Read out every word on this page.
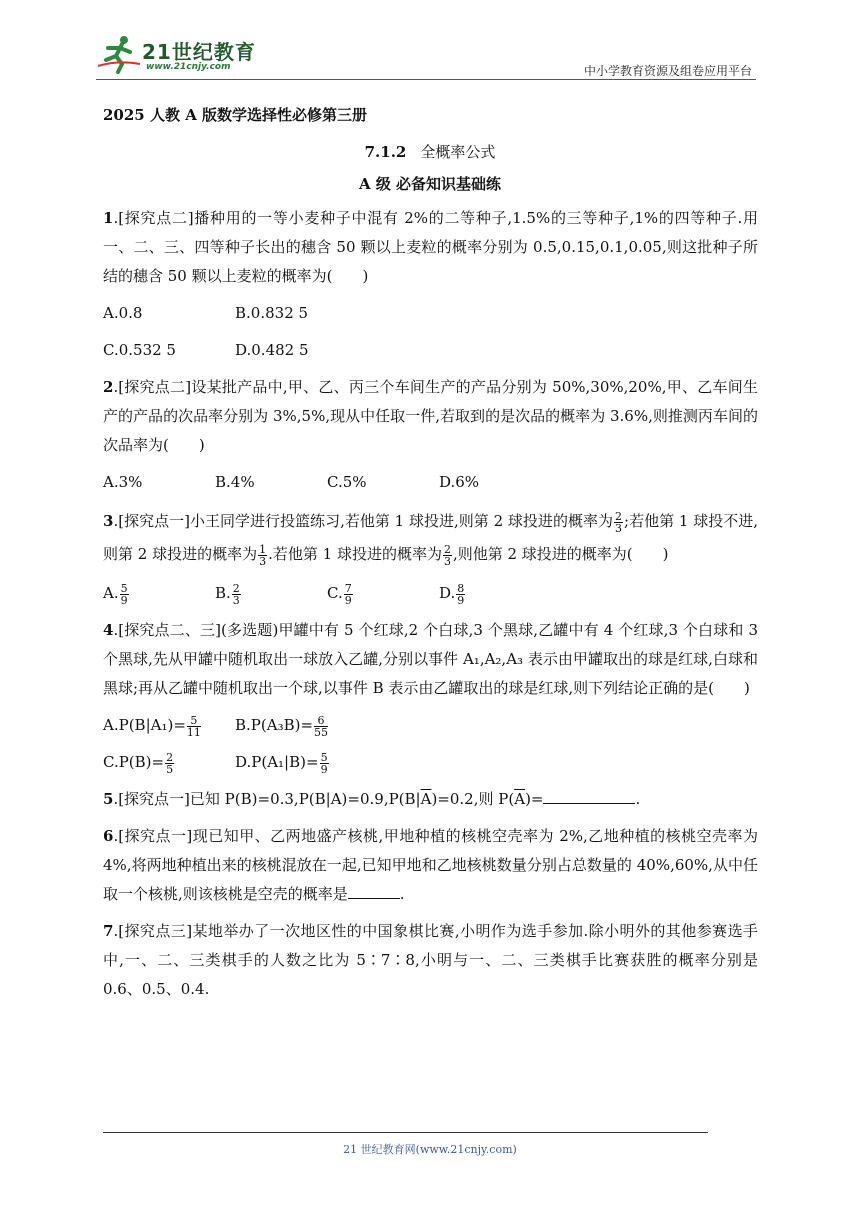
21世纪教育
www.21cnjy.com	中小学教育资源及组卷应用平台
2025 人教 A 版数学选择性必修第三册
7.1.2 全概率公式
A 级 必备知识基础练

1.[探究点二]播种用的一等小麦种子中混有 2%的二等种子,1.5%的三等种子,1%的四等种子.用一、二、三、四等种子长出的穗含 50 颗以上麦粒的概率分别为 0.5,0.15,0.1,0.05,则这批种子所结的穗含 50 颗以上麦粒的概率为(　　)

A.0.8	B.0.832 5
C.0.532 5	D.0.482 5

2.[探究点二]设某批产品中,甲、乙、丙三个车间生产的产品分别为 50%,30%,20%,甲、乙车间生产的产品的次品率分别为 3%,5%,现从中任取一件,若取到的是次品的概率为 3.6%,则推测丙车间的次品率为(　　)

A.3%	B.4%	C.5%	D.6%

3.[探究点一]小王同学进行投篮练习,若他第 1 球投进,则第 2 球投进的概率为 $\frac{2}{3}$ ;若他第 1 球投不进,则第 2 球投进的概率为 $\frac{1}{3}$ .若他第 1 球投进的概率为 $\frac{2}{3}$ ,则他第 2 球投进的概率为(　　)

A. $\frac{5}{9}$	B. $\frac{2}{3}$	C. $\frac{7}{9}$	D. $\frac{8}{9}$

4.[探究点二、三](多选题)甲罐中有 5 个红球,2 个白球,3 个黑球,乙罐中有 4 个红球,3 个白球和 3 个黑球,先从甲罐中随机取出一球放入乙罐,分别以事件 A₁,A₂,A₃ 表示由甲罐取出的球是红球,白球和黑球;再从乙罐中随机取出一个球,以事件 B 表示由乙罐取出的球是红球,则下列结论正确的是(　　)

$A.P(B|A_1)= \frac{5}{11} B.P(A_3B)= \frac{6}{55}$
$C.P(B)= \frac{2}{5}$	$D.P(A_1|B)= \frac{5}{9}$

5.[探究点一]已知 $P(B)=0.3,P(B|A)=0.9,P(B|\overline{A})=0.2$,则 $P(\overline{A})=$	.

6.[探究点一]现已知甲、乙两地盛产核桃,甲地种植的核桃空壳率为 2%,乙地种植的核桃空壳率为 4%,将两地种植出来的核桃混放在一起,已知甲地和乙地核桃数量分别占总数量的 40%,60%,从中任取一个核桃,则该核桃是空壳的概率是	.

7.[探究点三]某地举办了一次地区性的中国象棋比赛,小明作为选手参加.除小明外的其他参赛选手中,一、二、三类棋手的人数之比为 5∶7∶8,小明与一、二、三类棋手比赛获胜的概率分别是 0.6、0.5、0.4.

21 世纪教育网(www.21cnjy.com)
